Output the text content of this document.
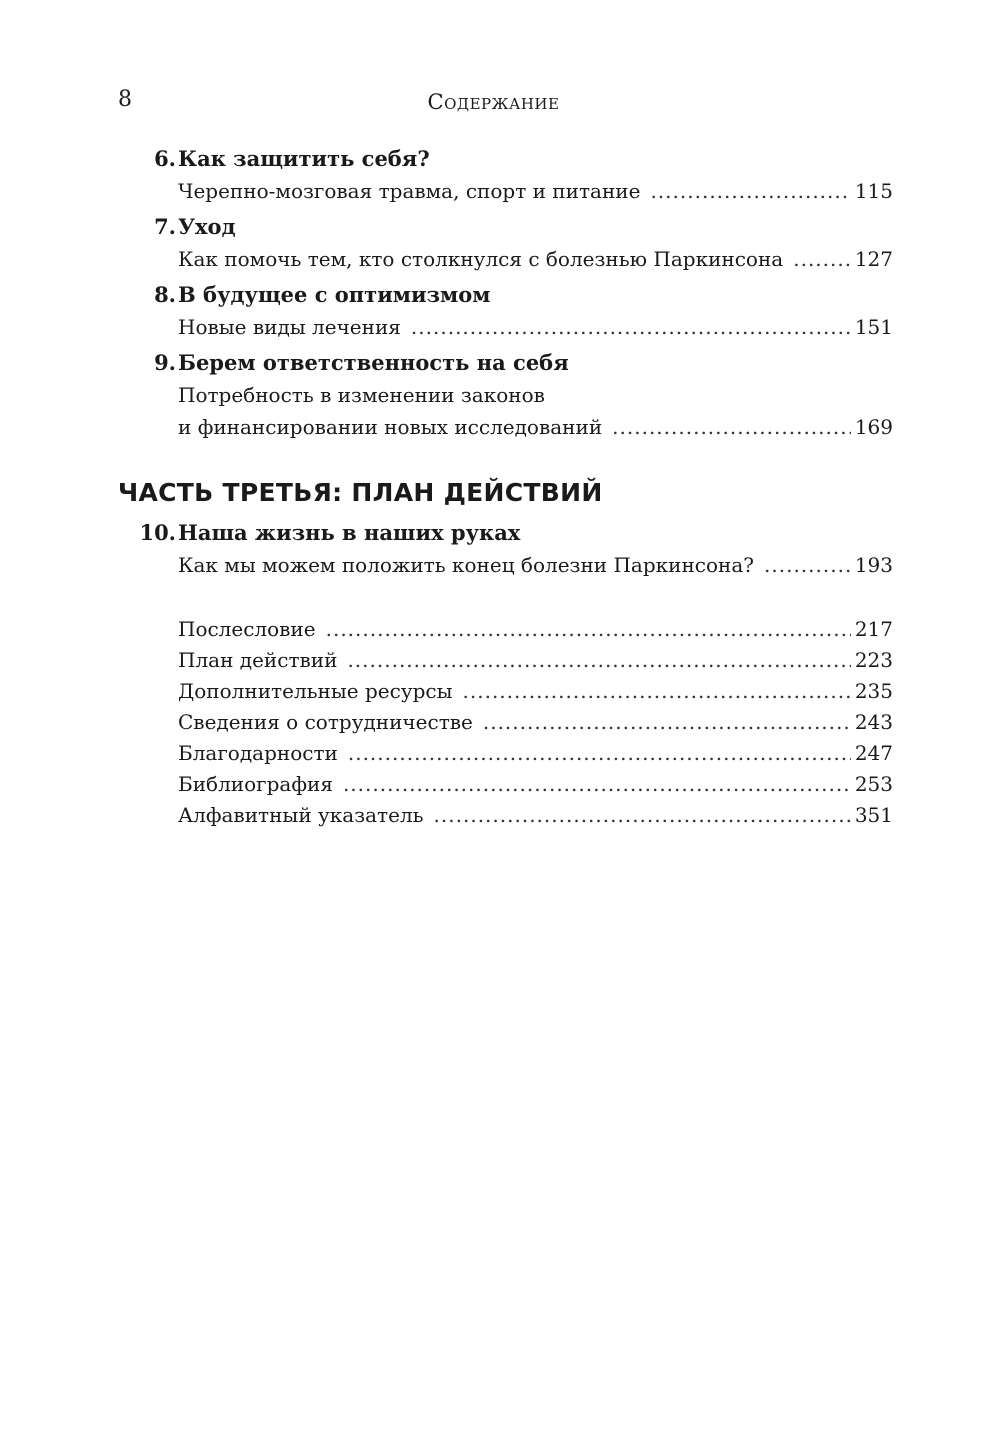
8	Содержание
6. Как защитить себя?
Черепно-мозговая травма, спорт и питание .....	115
7. Уход
Как помочь тем, кто столкнулся с болезнью Паркинсона .....	127
8. В будущее с оптимизмом
Новые виды лечения .....	151
9. Берем ответственность на себя
Потребность в изменении законов
и финансировании новых исследований .....	169
ЧАСТЬ ТРЕТЬЯ: ПЛАН ДЕЙСТВИЙ
10. Наша жизнь в наших руках
Как мы можем положить конец болезни Паркинсона? .....	193
Послесловие .....	217
План действий .....	223
Дополнительные ресурсы .....	235
Сведения о сотрудничестве .....	243
Благодарности .....	247
Библиография .....	253
Алфавитный указатель .....	351
